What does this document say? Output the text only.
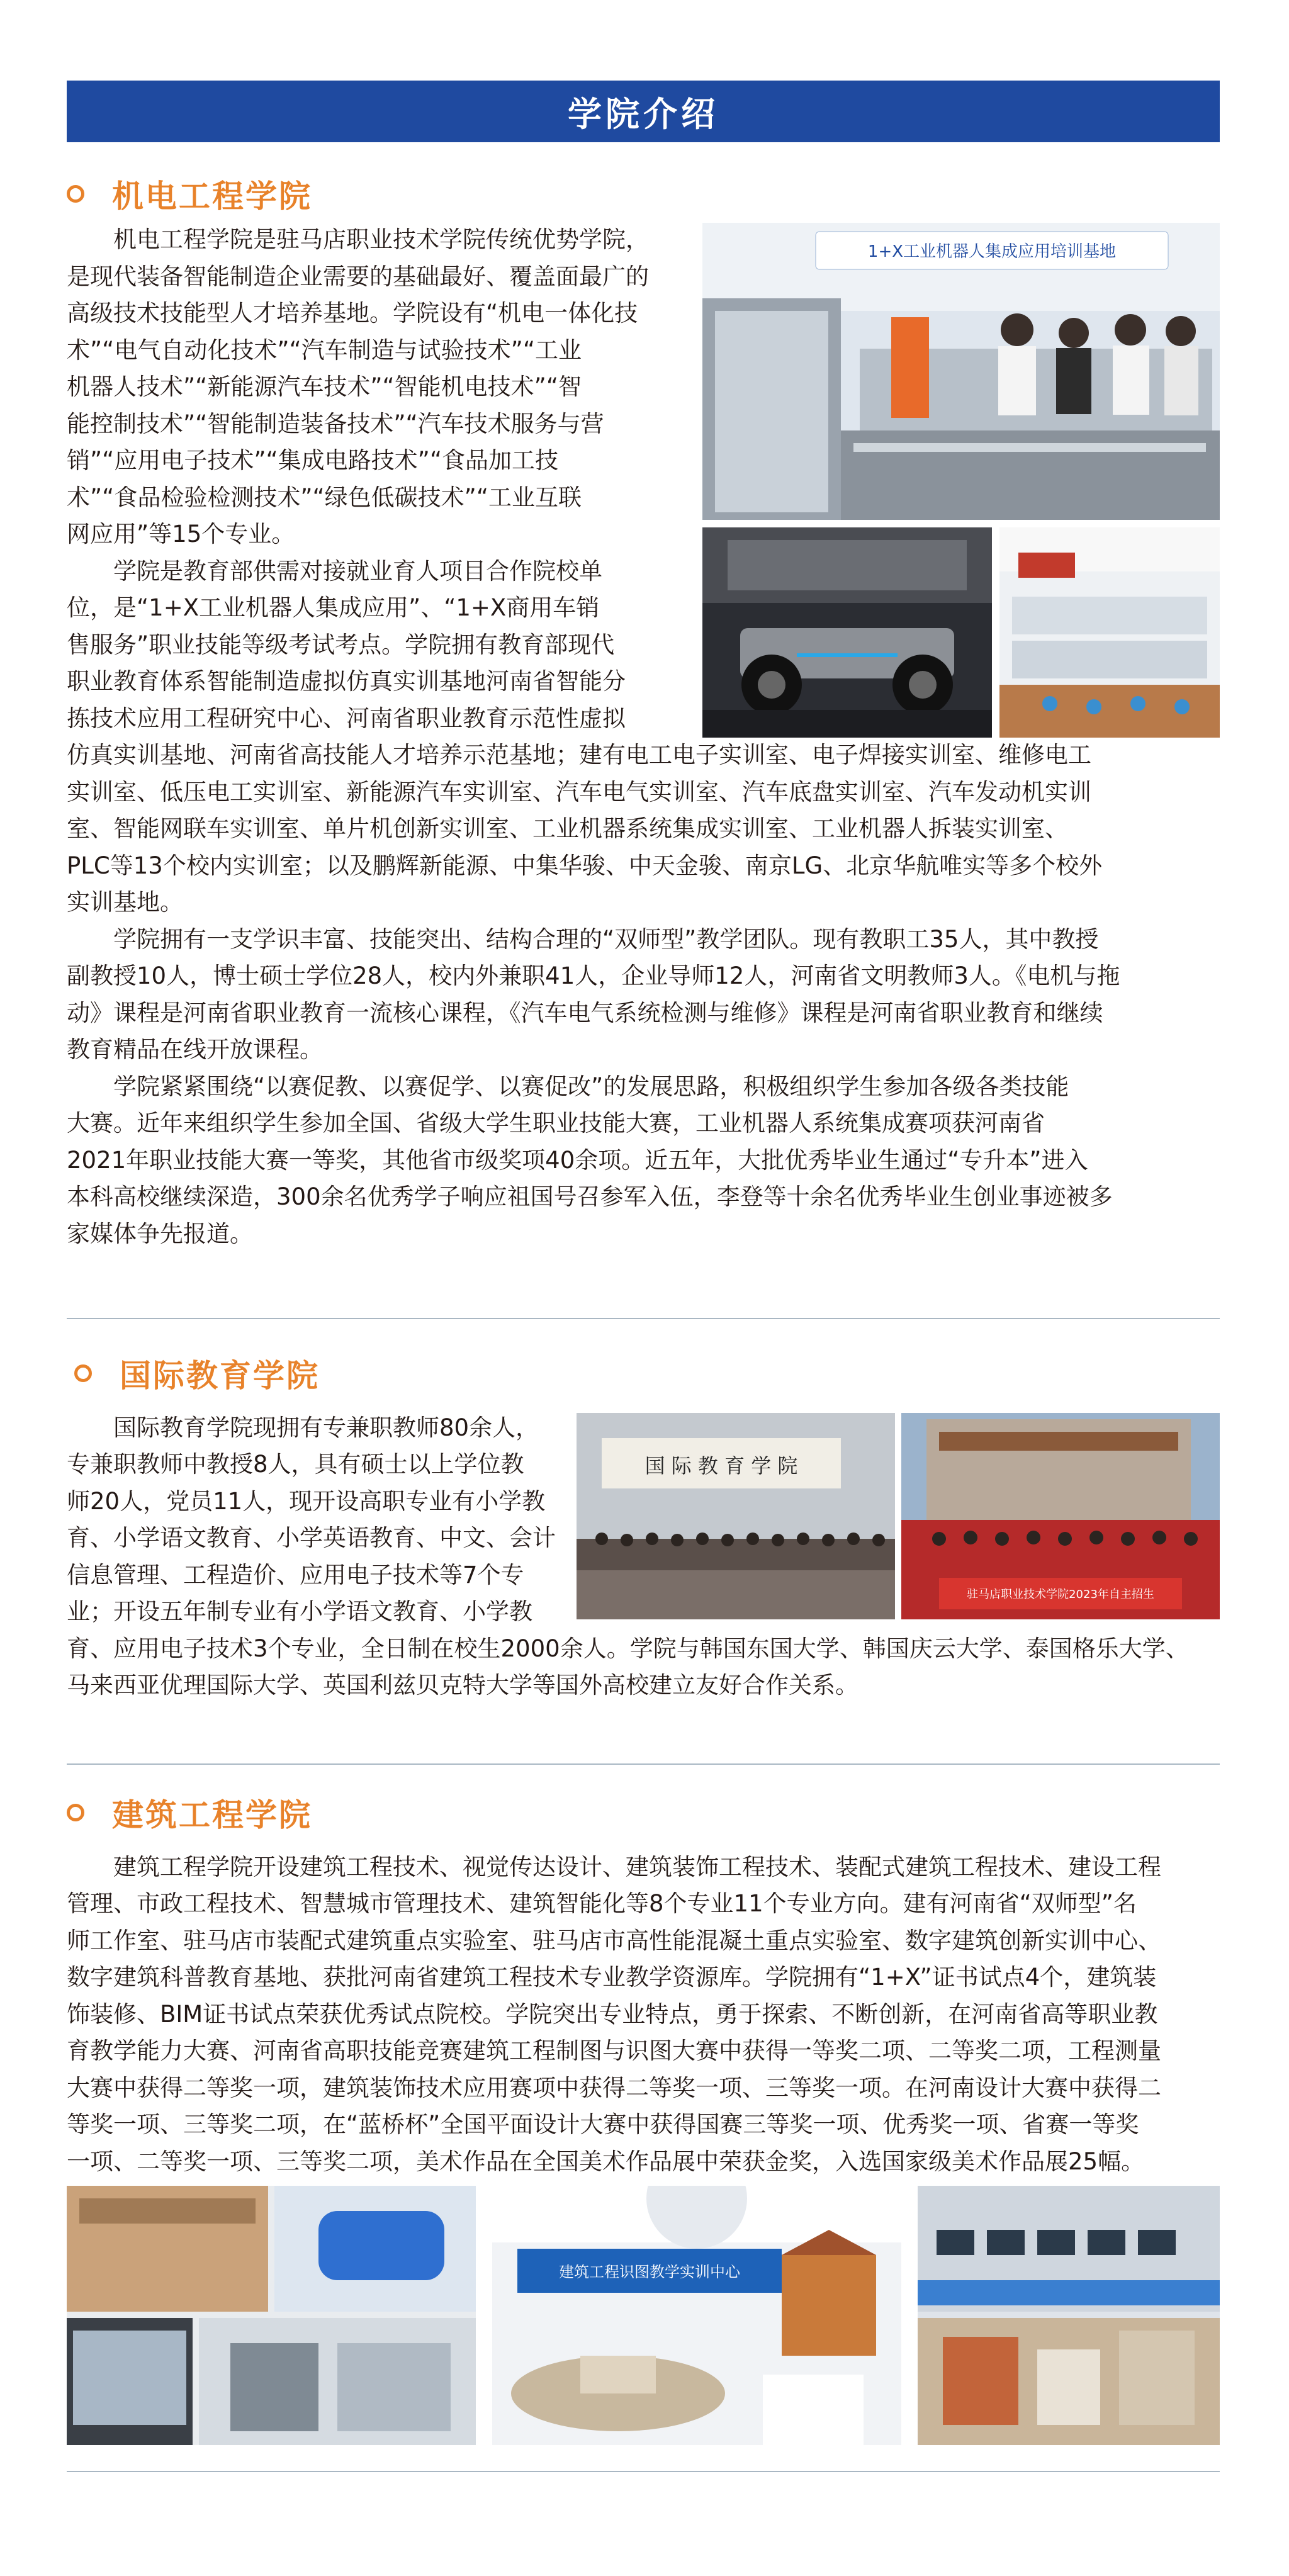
学院介绍
机电工程学院
机电工程学院是驻马店职业技术学院传统优势学院，
是现代装备智能制造企业需要的基础最好、覆盖面最广的
高级技术技能型人才培养基地。学院设有“机电一体化技
术”“电气自动化技术”“汽车制造与试验技术”“工业
机器人技术”“新能源汽车技术”“智能机电技术”“智
能控制技术”“智能制造装备技术”“汽车技术服务与营
销”“应用电子技术”“集成电路技术”“食品加工技
术”“食品检验检测技术”“绿色低碳技术”“工业互联
网应用”等15个专业。
学院是教育部供需对接就业育人项目合作院校单
位，是“1+X工业机器人集成应用”、“1+X商用车销
售服务”职业技能等级考试考点。学院拥有教育部现代
职业教育体系智能制造虚拟仿真实训基地河南省智能分
拣技术应用工程研究中心、河南省职业教育示范性虚拟
仿真实训基地、河南省高技能人才培养示范基地；建有电工电子实训室、电子焊接实训室、维修电工
实训室、低压电工实训室、新能源汽车实训室、汽车电气实训室、汽车底盘实训室、汽车发动机实训
室、智能网联车实训室、单片机创新实训室、工业机器系统集成实训室、工业机器人拆装实训室、
PLC等13个校内实训室；以及鹏辉新能源、中集华骏、中天金骏、南京LG、北京华航唯实等多个校外
实训基地。
学院拥有一支学识丰富、技能突出、结构合理的“双师型”教学团队。现有教职工35人，其中教授
副教授10人，博士硕士学位28人，校内外兼职41人，企业导师12人，河南省文明教师3人。《电机与拖
动》课程是河南省职业教育一流核心课程，《汽车电气系统检测与维修》课程是河南省职业教育和继续
教育精品在线开放课程。
学院紧紧围绕“以赛促教、以赛促学、以赛促改”的发展思路，积极组织学生参加各级各类技能
大赛。近年来组织学生参加全国、省级大学生职业技能大赛，工业机器人系统集成赛项获河南省
2021年职业技能大赛一等奖，其他省市级奖项40余项。近五年，大批优秀毕业生通过“专升本”进入
本科高校继续深造，300余名优秀学子响应祖国号召参军入伍，李登等十余名优秀毕业生创业事迹被多
家媒体争先报道。
1+X工业机器人集成应用培训基地
国际教育学院
国际教育学院现拥有专兼职教师80余人，
专兼职教师中教授8人，具有硕士以上学位教
师20人，党员11人，现开设高职专业有小学教
育、小学语文教育、小学英语教育、中文、会计
信息管理、工程造价、应用电子技术等7个专
业；开设五年制专业有小学语文教育、小学教
育、应用电子技术3个专业，全日制在校生2000余人。学院与韩国东国大学、韩国庆云大学、泰国格乐大学、
马来西亚优理国际大学、英国利兹贝克特大学等国外高校建立友好合作关系。
国 际 教 育 学 院
驻马店职业技术学院2023年自主招生
建筑工程学院
建筑工程学院开设建筑工程技术、视觉传达设计、建筑装饰工程技术、装配式建筑工程技术、建设工程
管理、市政工程技术、智慧城市管理技术、建筑智能化等8个专业11个专业方向。建有河南省“双师型”名
师工作室、驻马店市装配式建筑重点实验室、驻马店市高性能混凝土重点实验室、数字建筑创新实训中心、
数字建筑科普教育基地、获批河南省建筑工程技术专业教学资源库。学院拥有“1+X”证书试点4个，建筑装
饰装修、BIM证书试点荣获优秀试点院校。学院突出专业特点，勇于探索、不断创新，在河南省高等职业教
育教学能力大赛、河南省高职技能竞赛建筑工程制图与识图大赛中获得一等奖二项、二等奖二项，工程测量
大赛中获得二等奖一项，建筑装饰技术应用赛项中获得二等奖一项、三等奖一项。在河南设计大赛中获得二
等奖一项、三等奖二项，在“蓝桥杯”全国平面设计大赛中获得国赛三等奖一项、优秀奖一项、省赛一等奖
一项、二等奖一项、三等奖二项，美术作品在全国美术作品展中荣获金奖，入选国家级美术作品展25幅。
建筑工程识图教学实训中心
